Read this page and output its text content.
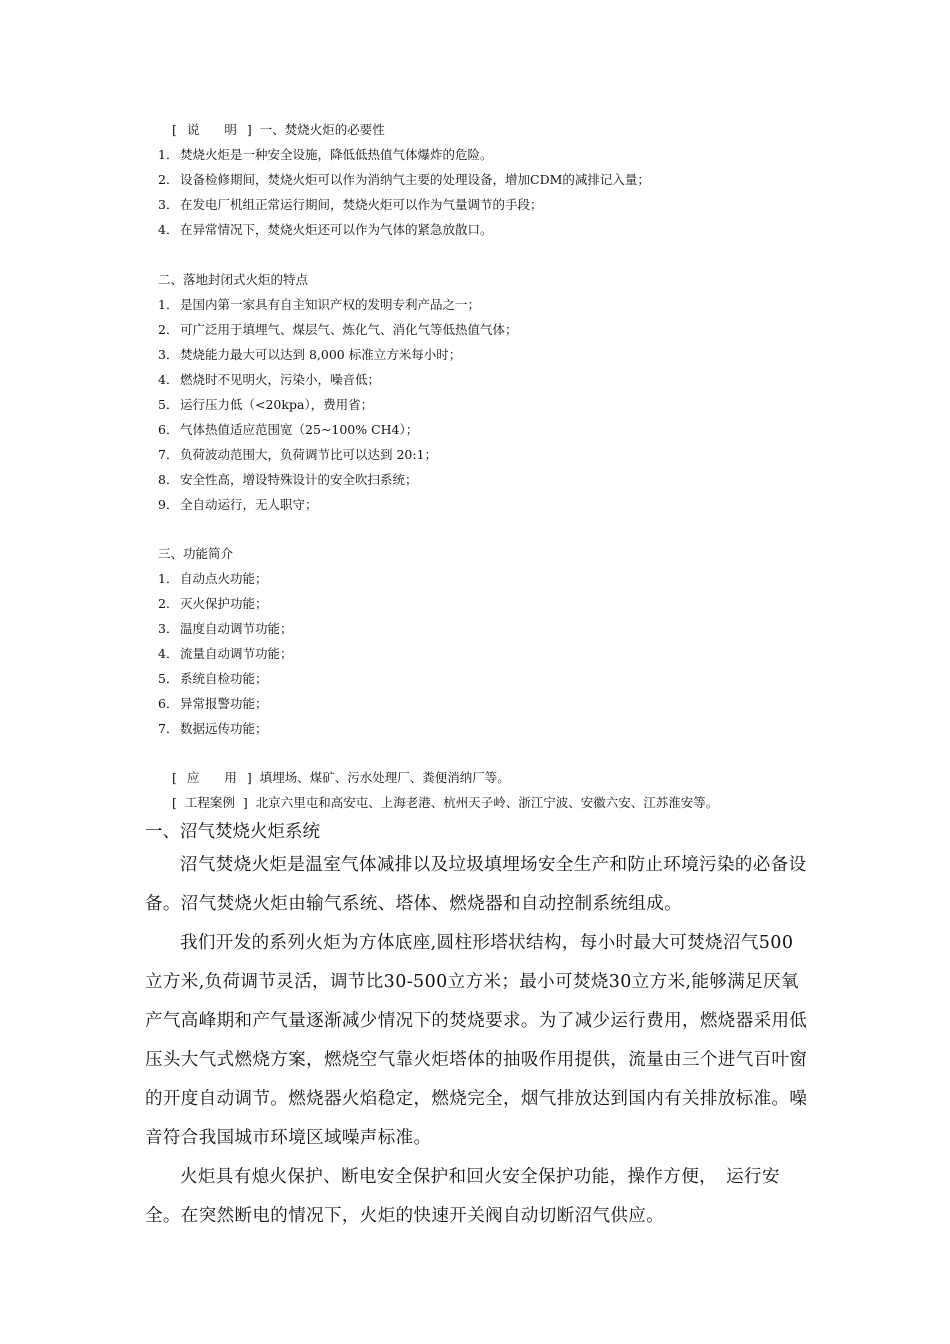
[ 说　　明 ] 一、焚烧火炬的必要性
1． 焚烧火炬是一种安全设施，降低低热值气体爆炸的危险。
2． 设备检修期间，焚烧火炬可以作为消纳气主要的处理设备，增加CDM的减排记入量；
3． 在发电厂机组正常运行期间，焚烧火炬可以作为气量调节的手段；
4． 在异常情况下，焚烧火炬还可以作为气体的紧急放散口。
二、落地封闭式火炬的特点
1． 是国内第一家具有自主知识产权的发明专利产品之一；
2． 可广泛用于填埋气、煤层气、炼化气、消化气等低热值气体；
3． 焚烧能力最大可以达到 8,000 标准立方米每小时；
4． 燃烧时不见明火，污染小，噪音低；
5． 运行压力低（<20kpa），费用省；
6． 气体热值适应范围宽（25~100% CH4）；
7． 负荷波动范围大，负荷调节比可以达到 20:1；
8． 安全性高，增设特殊设计的安全吹扫系统；
9． 全自动运行，无人职守；
三、功能简介
1． 自动点火功能；
2． 灭火保护功能；
3． 温度自动调节功能；
4． 流量自动调节功能；
5． 系统自检功能；
6． 异常报警功能；
7． 数据远传功能；
[ 应　　用 ] 填埋场、煤矿、污水处理厂、粪便消纳厂等。
[ 工程案例 ] 北京六里屯和高安屯、上海老港、杭州天子岭、浙江宁波、安徽六安、江苏淮安等。
一、沼气焚烧火炬系统

沼气焚烧火炬是温室气体减排以及垃圾填埋场安全生产和防止环境污染的必备设备。沼气焚烧火炬由输气系统、塔体、燃烧器和自动控制系统组成。

我们开发的系列火炬为方体底座,圆柱形塔状结构，每小时最大可焚烧沼气500立方米,负荷调节灵活，调节比30-500立方米；最小可焚烧30立方米,能够满足厌氧产气高峰期和产气量逐渐减少情况下的焚烧要求。为了减少运行费用，燃烧器采用低压头大气式燃烧方案，燃烧空气靠火炬塔体的抽吸作用提供，流量由三个进气百叶窗的开度自动调节。燃烧器火焰稳定，燃烧完全，烟气排放达到国内有关排放标准。噪音符合我国城市环境区域噪声标准。

火炬具有熄火保护、断电安全保护和回火安全保护功能，操作方便，　运行安全。在突然断电的情况下，火炬的快速开关阀自动切断沼气供应。
